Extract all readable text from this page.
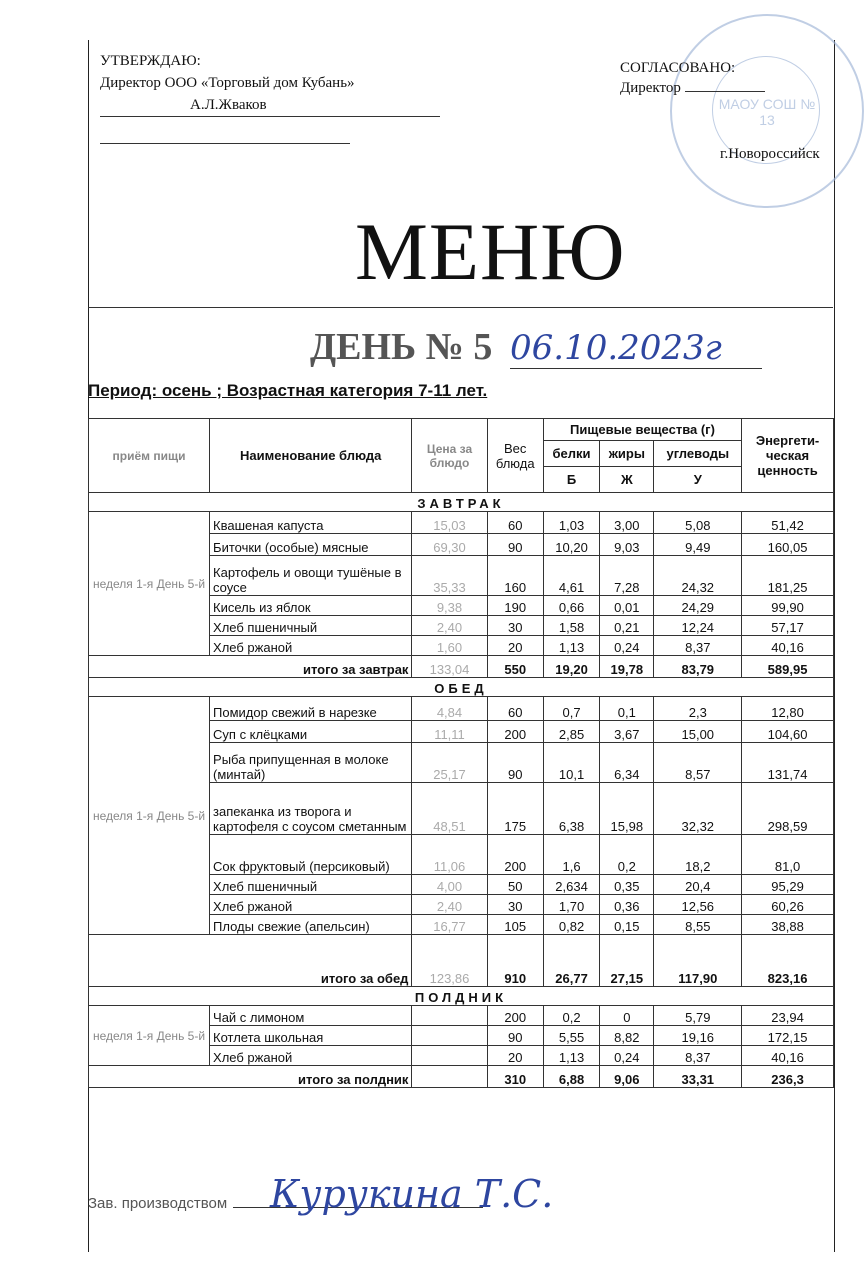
МАОУ СОШ № 13
УТВЕРЖДАЮ:
Директор ООО «Торговый дом Кубань»
А.Л.Жваков
СОГЛАСОВАНО:
Директор
г.Новороссийск
МЕНЮ
ДЕНЬ № 5 06.10.2023г
Период: осень ; Возрастная категория 7-11 лет.
приём пищи	Наименование блюда	Цена за блюдо	Вес блюда	Пищевые вещества (г)			Энергети-ческая ценность
				белки	жиры	углеводы	
				Б	Ж	У	
ЗАВТРАК							
неделя 1-я День 5-й	Квашеная капуста	15,03	60	1,03	3,00	5,08	51,42
	Биточки (особые) мясные	69,30	90	10,20	9,03	9,49	160,05
	Картофель и овощи тушёные в соусе	35,33	160	4,61	7,28	24,32	181,25
	Кисель из яблок	9,38	190	0,66	0,01	24,29	99,90
	Хлеб пшеничный	2,40	30	1,58	0,21	12,24	57,17
	Хлеб ржаной	1,60	20	1,13	0,24	8,37	40,16
итого за завтрак		133,04	550	19,20	19,78	83,79	589,95
ОБЕД							
неделя 1-я День 5-й	Помидор свежий в нарезке	4,84	60	0,7	0,1	2,3	12,80
	Суп с клёцками	11,11	200	2,85	3,67	15,00	104,60
	Рыба припущенная в молоке (минтай)	25,17	90	10,1	6,34	8,57	131,74
	запеканка из творога и картофеля с соусом сметанным	48,51	175	6,38	15,98	32,32	298,59
	Сок фруктовый (персиковый)	11,06	200	1,6	0,2	18,2	81,0
	Хлеб пшеничный	4,00	50	2,634	0,35	20,4	95,29
	Хлеб ржаной	2,40	30	1,70	0,36	12,56	60,26
	Плоды свежие (апельсин)	16,77	105	0,82	0,15	8,55	38,88
итого за обед		123,86	910	26,77	27,15	117,90	823,16
ПОЛДНИК							
неделя 1-я День 5-й	Чай с лимоном		200	0,2	0	5,79	23,94
	Котлета школьная		90	5,55	8,82	19,16	172,15
	Хлеб ржаной		20	1,13	0,24	8,37	40,16
итого за полдник			310	6,88	9,06	33,31	236,3
Зав. производством	Курукина Т.С.
